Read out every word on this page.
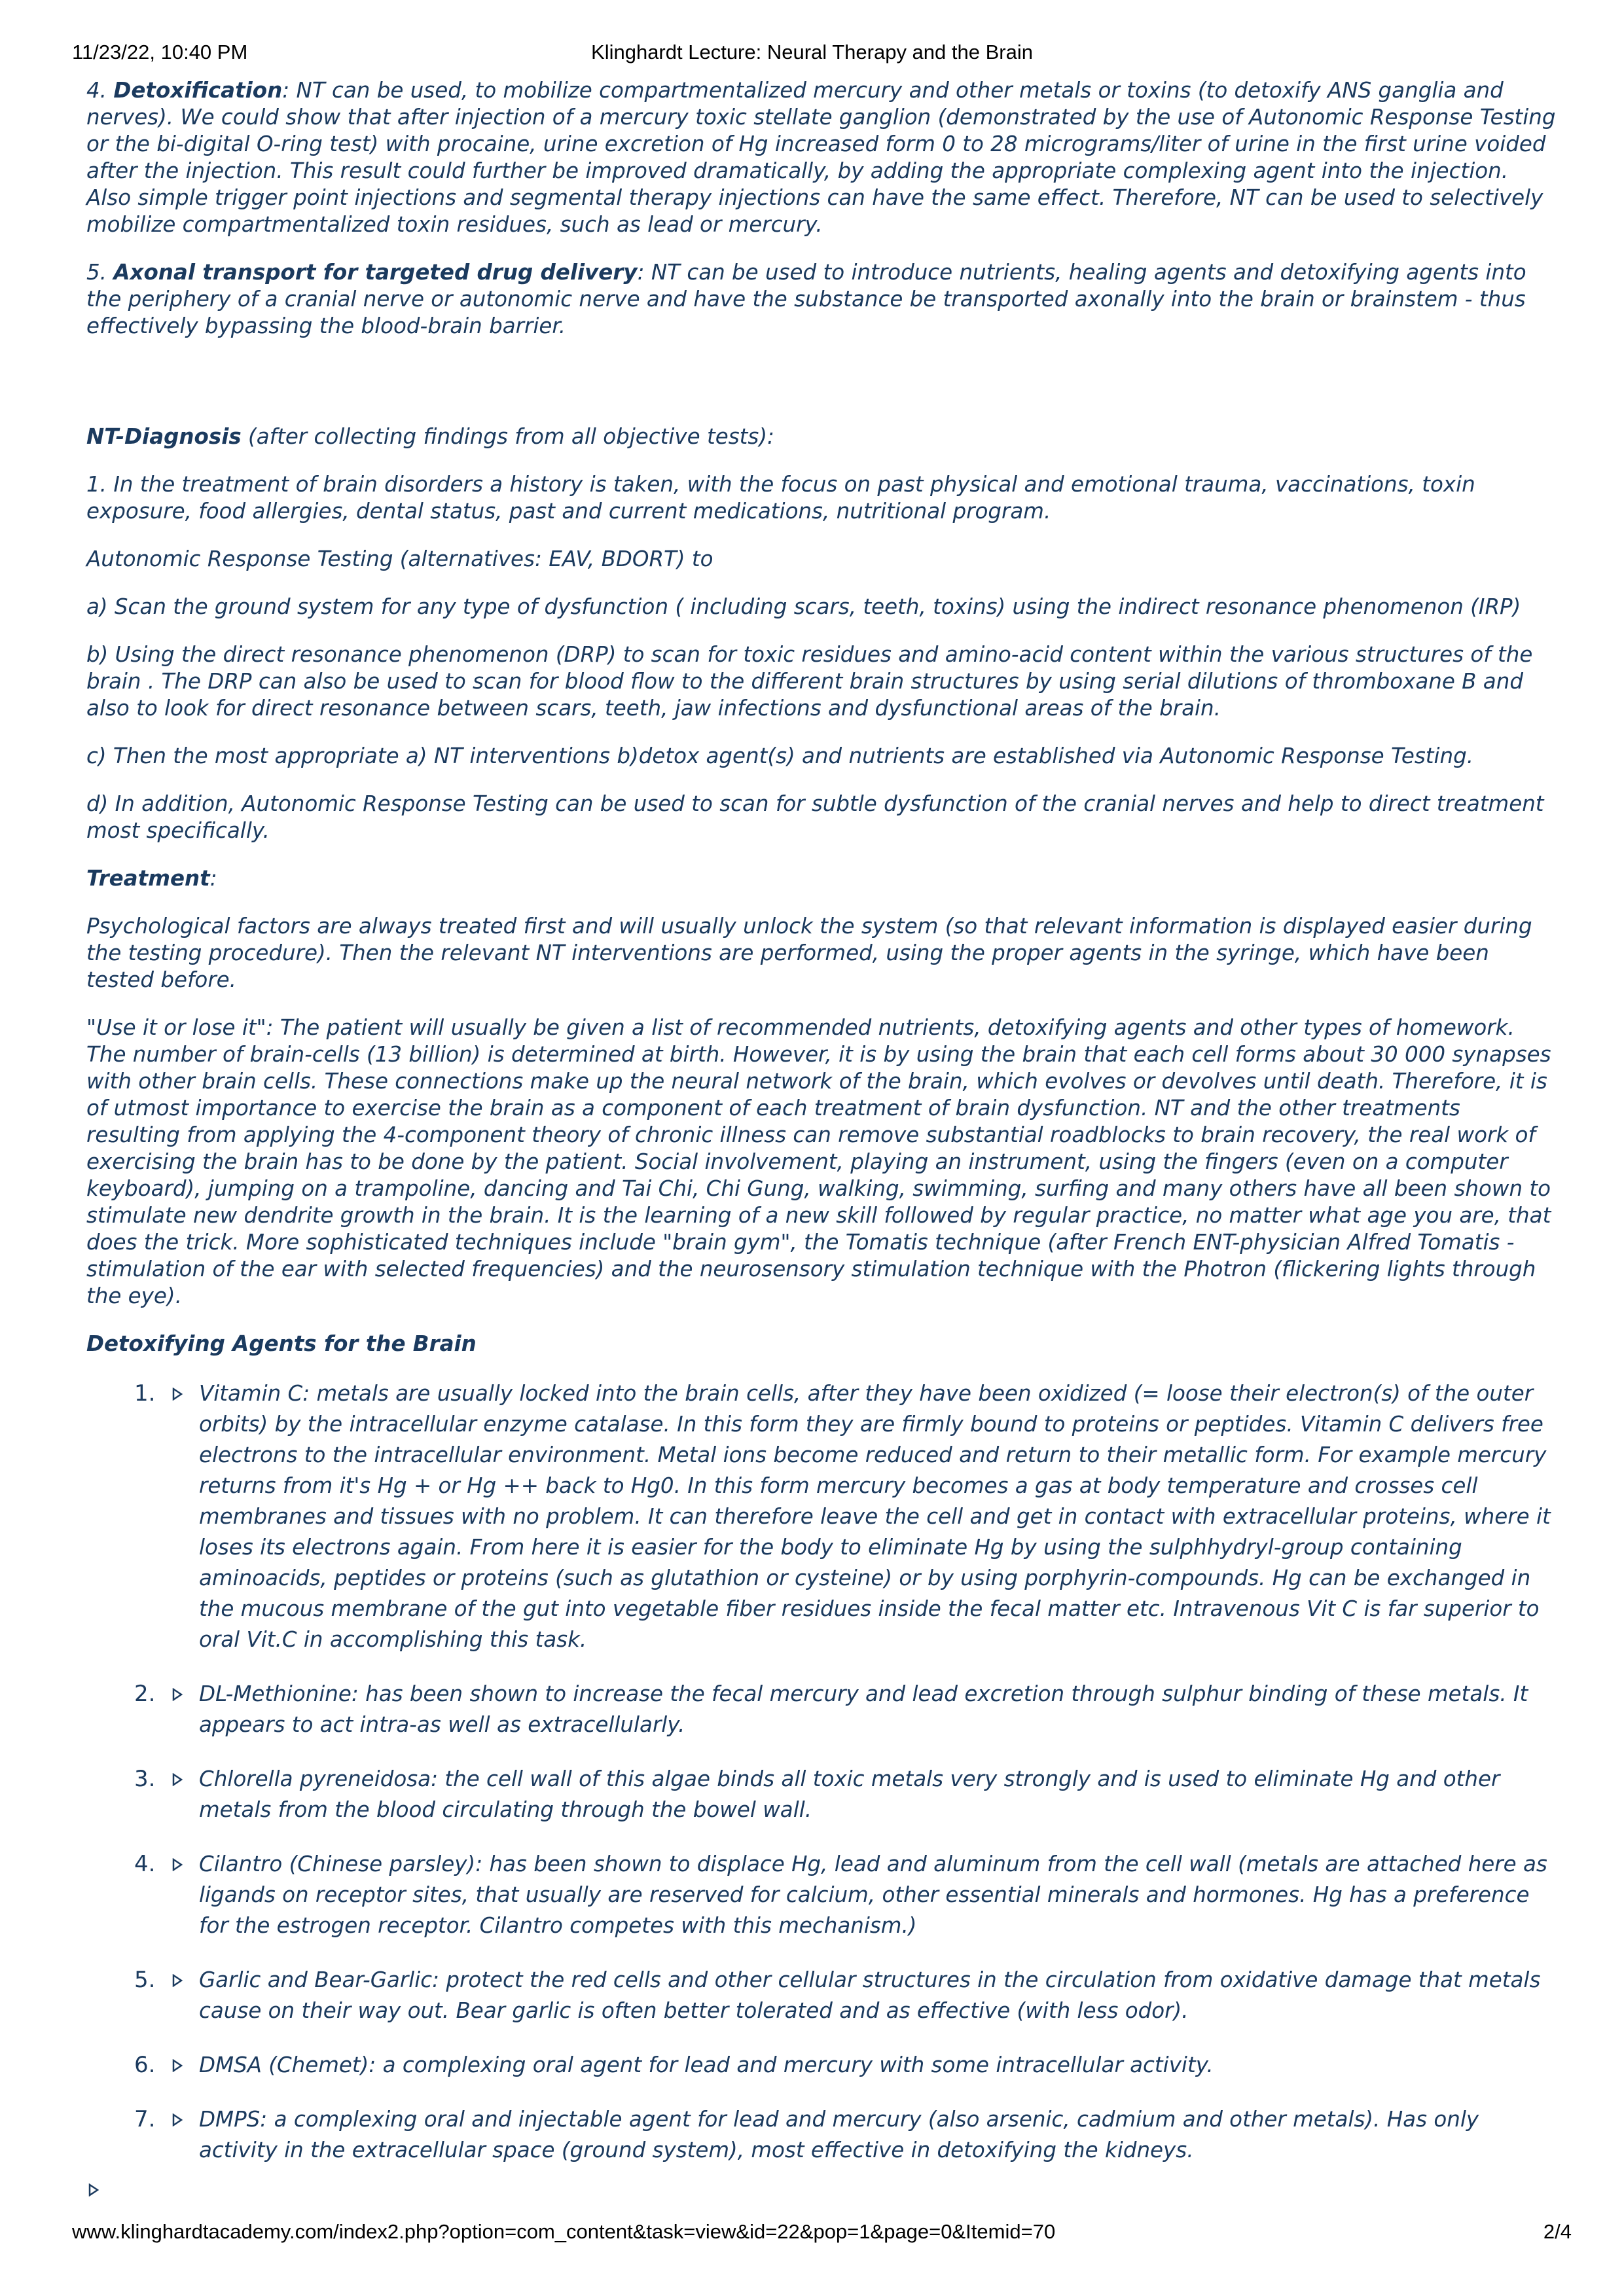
11/23/22, 10:40 PM	Klinghardt Lecture: Neural Therapy and the Brain

4. Detoxification: NT can be used, to mobilize compartmentalized mercury and other metals or toxins (to detoxify ANS ganglia and nerves). We could show that after injection of a mercury toxic stellate ganglion (demonstrated by the use of Autonomic Response Testing or the bi-digital O-ring test) with procaine, urine excretion of Hg increased form 0 to 28 micrograms/liter of urine in the first urine voided after the injection. This result could further be improved dramatically, by adding the appropriate complexing agent into the injection. Also simple trigger point injections and segmental therapy injections can have the same effect. Therefore, NT can be used to selectively mobilize compartmentalized toxin residues, such as lead or mercury.

5. Axonal transport for targeted drug delivery: NT can be used to introduce nutrients, healing agents and detoxifying agents into the periphery of a cranial nerve or autonomic nerve and have the substance be transported axonally into the brain or brainstem - thus effectively bypassing the blood-brain barrier.

NT-Diagnosis (after collecting findings from all objective tests):

1. In the treatment of brain disorders a history is taken, with the focus on past physical and emotional trauma, vaccinations, toxin exposure, food allergies, dental status, past and current medications, nutritional program.

Autonomic Response Testing (alternatives: EAV, BDORT) to

a) Scan the ground system for any type of dysfunction ( including scars, teeth, toxins) using the indirect resonance phenomenon (IRP)

b) Using the direct resonance phenomenon (DRP) to scan for toxic residues and amino-acid content within the various structures of the brain . The DRP can also be used to scan for blood flow to the different brain structures by using serial dilutions of thromboxane B and also to look for direct resonance between scars, teeth, jaw infections and dysfunctional areas of the brain.

c) Then the most appropriate a) NT interventions b)detox agent(s) and nutrients are established via Autonomic Response Testing.

d) In addition, Autonomic Response Testing can be used to scan for subtle dysfunction of the cranial nerves and help to direct treatment most specifically.

Treatment:

Psychological factors are always treated first and will usually unlock the system (so that relevant information is displayed easier during the testing procedure). Then the relevant NT interventions are performed, using the proper agents in the syringe, which have been tested before.

"Use it or lose it": The patient will usually be given a list of recommended nutrients, detoxifying agents and other types of homework. The number of brain-cells (13 billion) is determined at birth. However, it is by using the brain that each cell forms about 30 000 synapses with other brain cells. These connections make up the neural network of the brain, which evolves or devolves until death. Therefore, it is of utmost importance to exercise the brain as a component of each treatment of brain dysfunction. NT and the other treatments resulting from applying the 4-component theory of chronic illness can remove substantial roadblocks to brain recovery, the real work of exercising the brain has to be done by the patient. Social involvement, playing an instrument, using the fingers (even on a computer keyboard), jumping on a trampoline, dancing and Tai Chi, Chi Gung, walking, swimming, surfing and many others have all been shown to stimulate new dendrite growth in the brain. It is the learning of a new skill followed by regular practice, no matter what age you are, that does the trick. More sophisticated techniques include "brain gym", the Tomatis technique (after French ENT-physician Alfred Tomatis - stimulation of the ear with selected frequencies) and the neurosensory stimulation technique with the Photron (flickering lights through the eye).

Detoxifying Agents for the Brain

1. Vitamin C: metals are usually locked into the brain cells, after they have been oxidized (= loose their electron(s) of the outer orbits) by the intracellular enzyme catalase. In this form they are firmly bound to proteins or peptides. Vitamin C delivers free electrons to the intracellular environment. Metal ions become reduced and return to their metallic form. For example mercury returns from it's Hg + or Hg ++ back to Hg0. In this form mercury becomes a gas at body temperature and crosses cell membranes and tissues with no problem. It can therefore leave the cell and get in contact with extracellular proteins, where it loses its electrons again. From here it is easier for the body to eliminate Hg by using the sulphhydryl-group containing aminoacids, peptides or proteins (such as glutathion or cysteine) or by using porphyrin-compounds. Hg can be exchanged in the mucous membrane of the gut into vegetable fiber residues inside the fecal matter etc. Intravenous Vit C is far superior to oral Vit.C in accomplishing this task.
2. DL-Methionine: has been shown to increase the fecal mercury and lead excretion through sulphur binding of these metals. It appears to act intra-as well as extracellularly.
3. Chlorella pyreneidosa: the cell wall of this algae binds all toxic metals very strongly and is used to eliminate Hg and other metals from the blood circulating through the bowel wall.
4. Cilantro (Chinese parsley): has been shown to displace Hg, lead and aluminum from the cell wall (metals are attached here as ligands on receptor sites, that usually are reserved for calcium, other essential minerals and hormones. Hg has a preference for the estrogen receptor. Cilantro competes with this mechanism.)
5. Garlic and Bear-Garlic: protect the red cells and other cellular structures in the circulation from oxidative damage that metals cause on their way out. Bear garlic is often better tolerated and as effective (with less odor).
6. DMSA (Chemet): a complexing oral agent for lead and mercury with some intracellular activity.
7. DMPS: a complexing oral and injectable agent for lead and mercury (also arsenic, cadmium and other metals). Has only activity in the extracellular space (ground system), most effective in detoxifying the kidneys.
www.klinghardtacademy.com/index2.php?option=com_content&task=view&id=22&pop=1&page=0&Itemid=70	2/4
